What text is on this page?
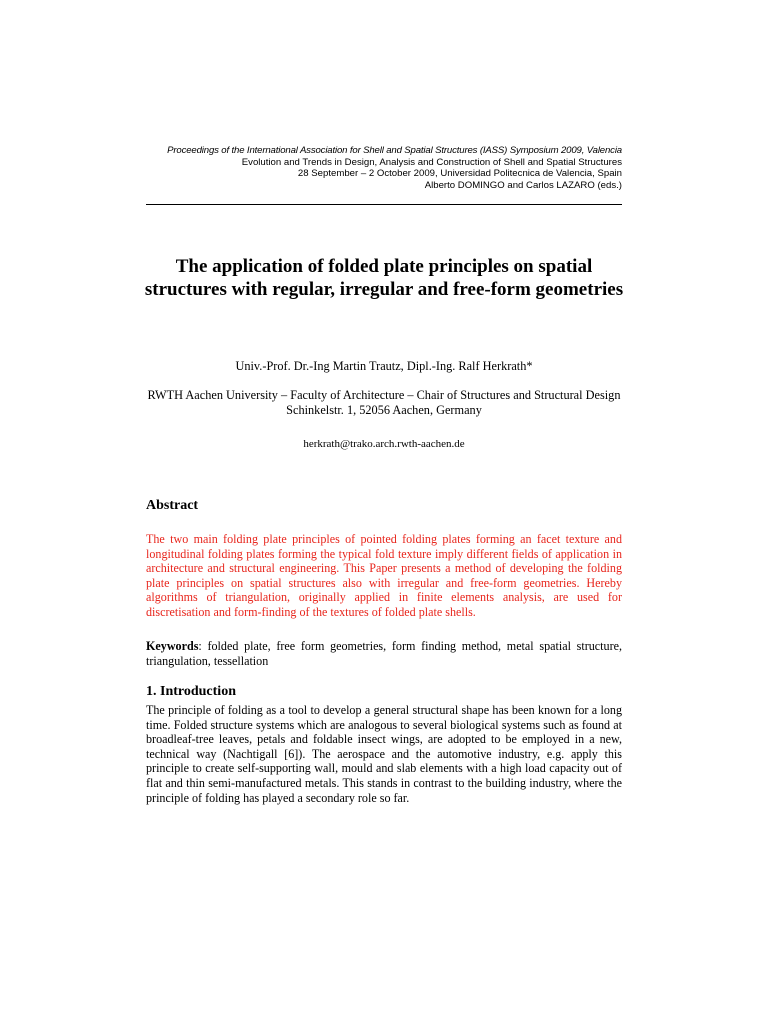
Proceedings of the International Association for Shell and Spatial Structures (IASS) Symposium 2009, Valencia
Evolution and Trends in Design, Analysis and Construction of Shell and Spatial Structures
28 September – 2 October 2009, Universidad Politecnica de Valencia, Spain
Alberto DOMINGO and Carlos LAZARO (eds.)
The application of folded plate principles on spatial structures with regular, irregular and free-form geometries
Univ.-Prof. Dr.-Ing Martin Trautz, Dipl.-Ing. Ralf Herkrath*
RWTH Aachen University – Faculty of Architecture – Chair of Structures and Structural Design
Schinkelstr. 1, 52056 Aachen, Germany
herkrath@trako.arch.rwth-aachen.de
Abstract

The two main folding plate principles of pointed folding plates forming an facet texture and longitudinal folding plates forming the typical fold texture imply different fields of application in architecture and structural engineering. This Paper presents a method of developing the folding plate principles on spatial structures also with irregular and free-form geometries. Hereby algorithms of triangulation, originally applied in finite elements analysis, are used for discretisation and form-finding of the textures of folded plate shells.

Keywords: folded plate, free form geometries, form finding method, metal spatial structure, triangulation, tessellation

1. Introduction

The principle of folding as a tool to develop a general structural shape has been known for a long time. Folded structure systems which are analogous to several biological systems such as found at broadleaf-tree leaves, petals and foldable insect wings, are adopted to be employed in a new, technical way (Nachtigall [6]). The aerospace and the automotive industry, e.g. apply this principle to create self-supporting wall, mould and slab elements with a high load capacity out of flat and thin semi-manufactured metals. This stands in contrast to the building industry, where the principle of folding has played a secondary role so far.
